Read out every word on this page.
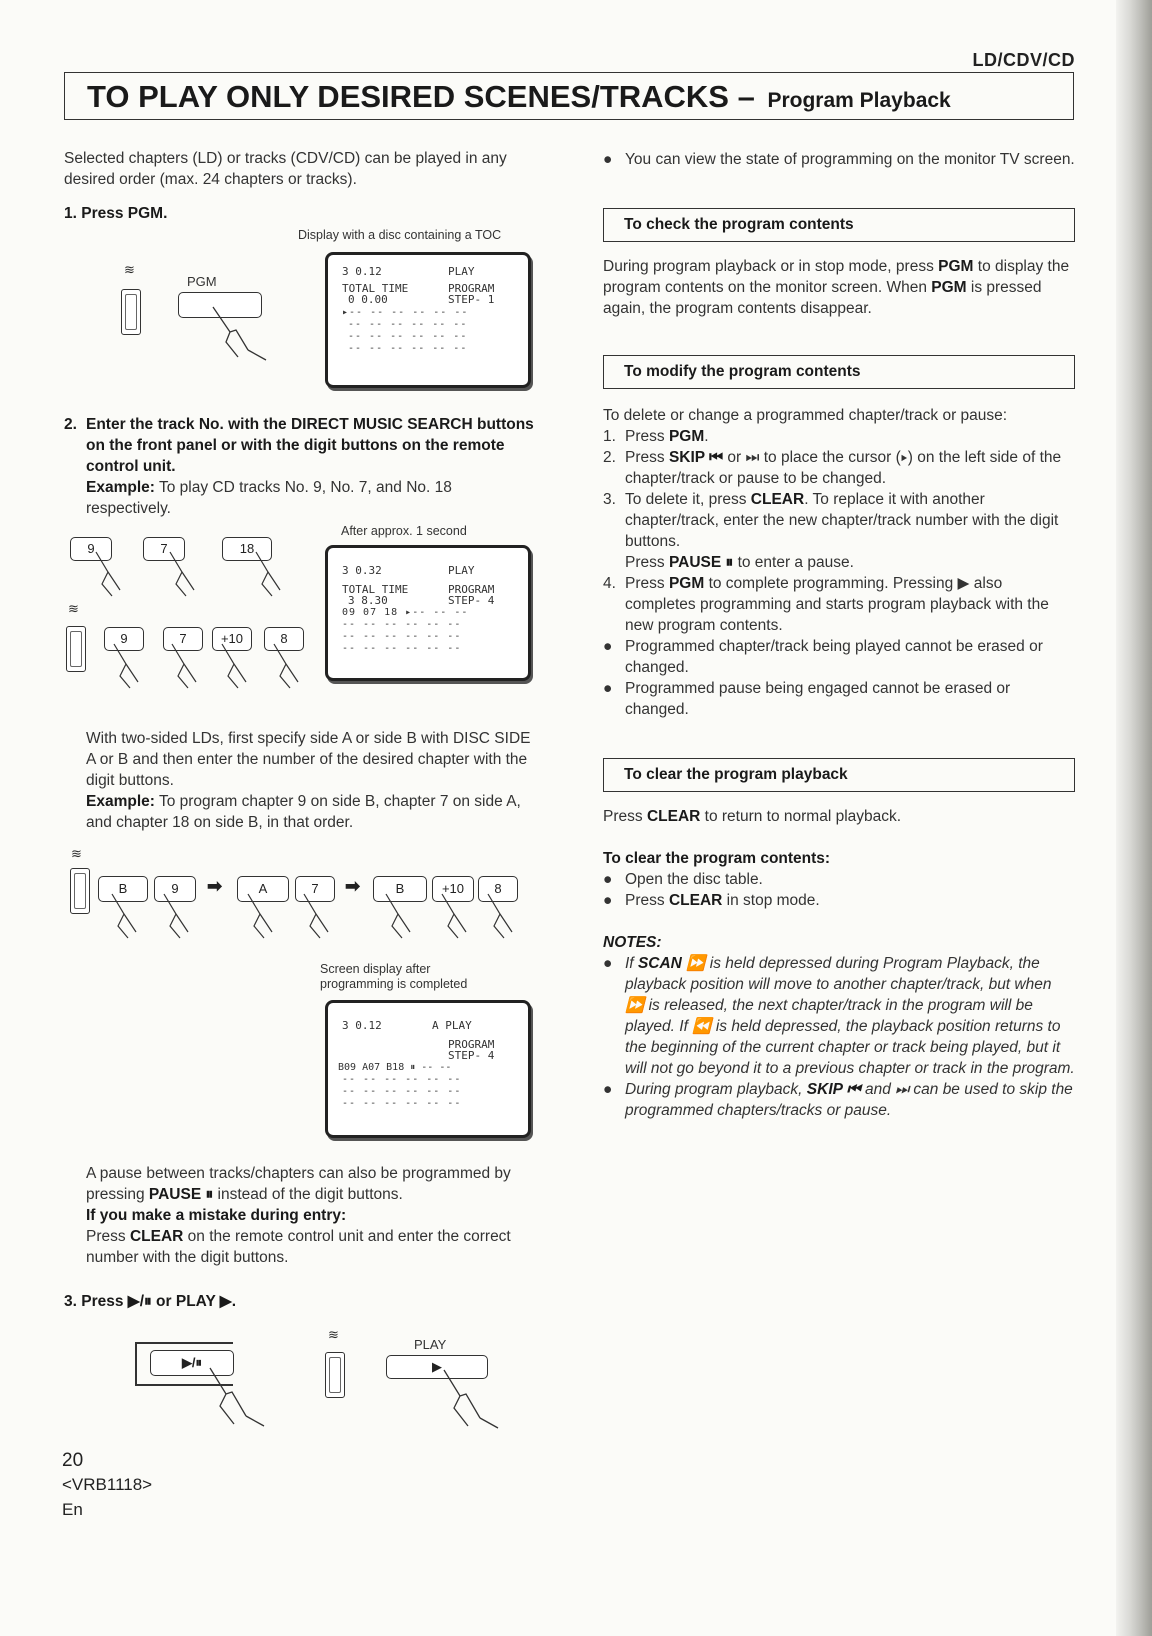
LD/CDV/CD
TO PLAY ONLY DESIRED SCENES/TRACKS – Program Playback
Selected chapters (LD) or tracks (CDV/CD) can be played in any desired order (max. 24 chapters or tracks).
1. Press PGM.
Display with a disc containing a TOC
≋
PGM
3 0.12	PLAY
TOTAL TIME	PROGRAM
0 0.00	STEP- 1
▸-- -- -- -- -- --
-- -- -- -- -- --
-- -- -- -- -- --
-- -- -- -- -- --
2. Enter the track No. with the DIRECT MUSIC SEARCH buttons on the front panel or with the digit buttons on the remote control unit.
Example: To play CD tracks No. 9, No. 7, and No. 18 respectively.
After approx. 1 second
9	7	18
≋
9	7	+10	8
3 0.32	PLAY
TOTAL TIME	PROGRAM
3 8.30	STEP- 4
09 07 18 ▸-- -- --
-- -- -- -- -- --
-- -- -- -- -- --
-- -- -- -- -- --
With two-sided LDs, first specify side A or side B with DISC SIDE A or B and then enter the number of the desired chapter with the digit buttons.
Example: To program chapter 9 on side B, chapter 7 on side A, and chapter 18 on side B, in that order.
≋
B	9	➡	A	7	➡	B	+10	8
Screen display after
programming is completed
3 0.12	A PLAY
PROGRAM
STEP- 4
B09 A07 B18 ⏸ -- --
-- -- -- -- -- --
-- -- -- -- -- --
-- -- -- -- -- --
A pause between tracks/chapters can also be programmed by pressing PAUSE ⏸ instead of the digit buttons.
If you make a mistake during entry:
Press CLEAR on the remote control unit and enter the correct number with the digit buttons.
3. Press ▶/⏸ or PLAY ▶.
▶/⏸
≋
PLAY
▶
● You can view the state of programming on the monitor TV screen.
To check the program contents
During program playback or in stop mode, press PGM to display the program contents on the monitor screen. When PGM is pressed again, the program contents disappear.
To modify the program contents
To delete or change a programmed chapter/track or pause:
1. Press PGM.
2. Press SKIP ⏮ or ⏭ to place the cursor (▸) on the left side of the chapter/track or pause to be changed.
3. To delete it, press CLEAR. To replace it with another chapter/track, enter the new chapter/track number with the digit buttons.
Press PAUSE ⏸ to enter a pause.
4. Press PGM to complete programming. Pressing ▶ also completes programming and starts program playback with the new program contents.
● Programmed chapter/track being played cannot be erased or changed.
● Programmed pause being engaged cannot be erased or changed.
To clear the program playback
Press CLEAR to return to normal playback.
To clear the program contents:
● Open the disc table.
● Press CLEAR in stop mode.
NOTES:
● If SCAN ⏩ is held depressed during Program Playback, the playback position will move to another chapter/track, but when ⏩ is released, the next chapter/track in the program will be played. If ⏪ is held depressed, the playback position returns to the beginning of the current chapter or track being played, but it will not go beyond it to a previous chapter or track in the program.
● During program playback, SKIP ⏮ and ⏭ can be used to skip the programmed chapters/tracks or pause.
20
<VRB1118>
En
